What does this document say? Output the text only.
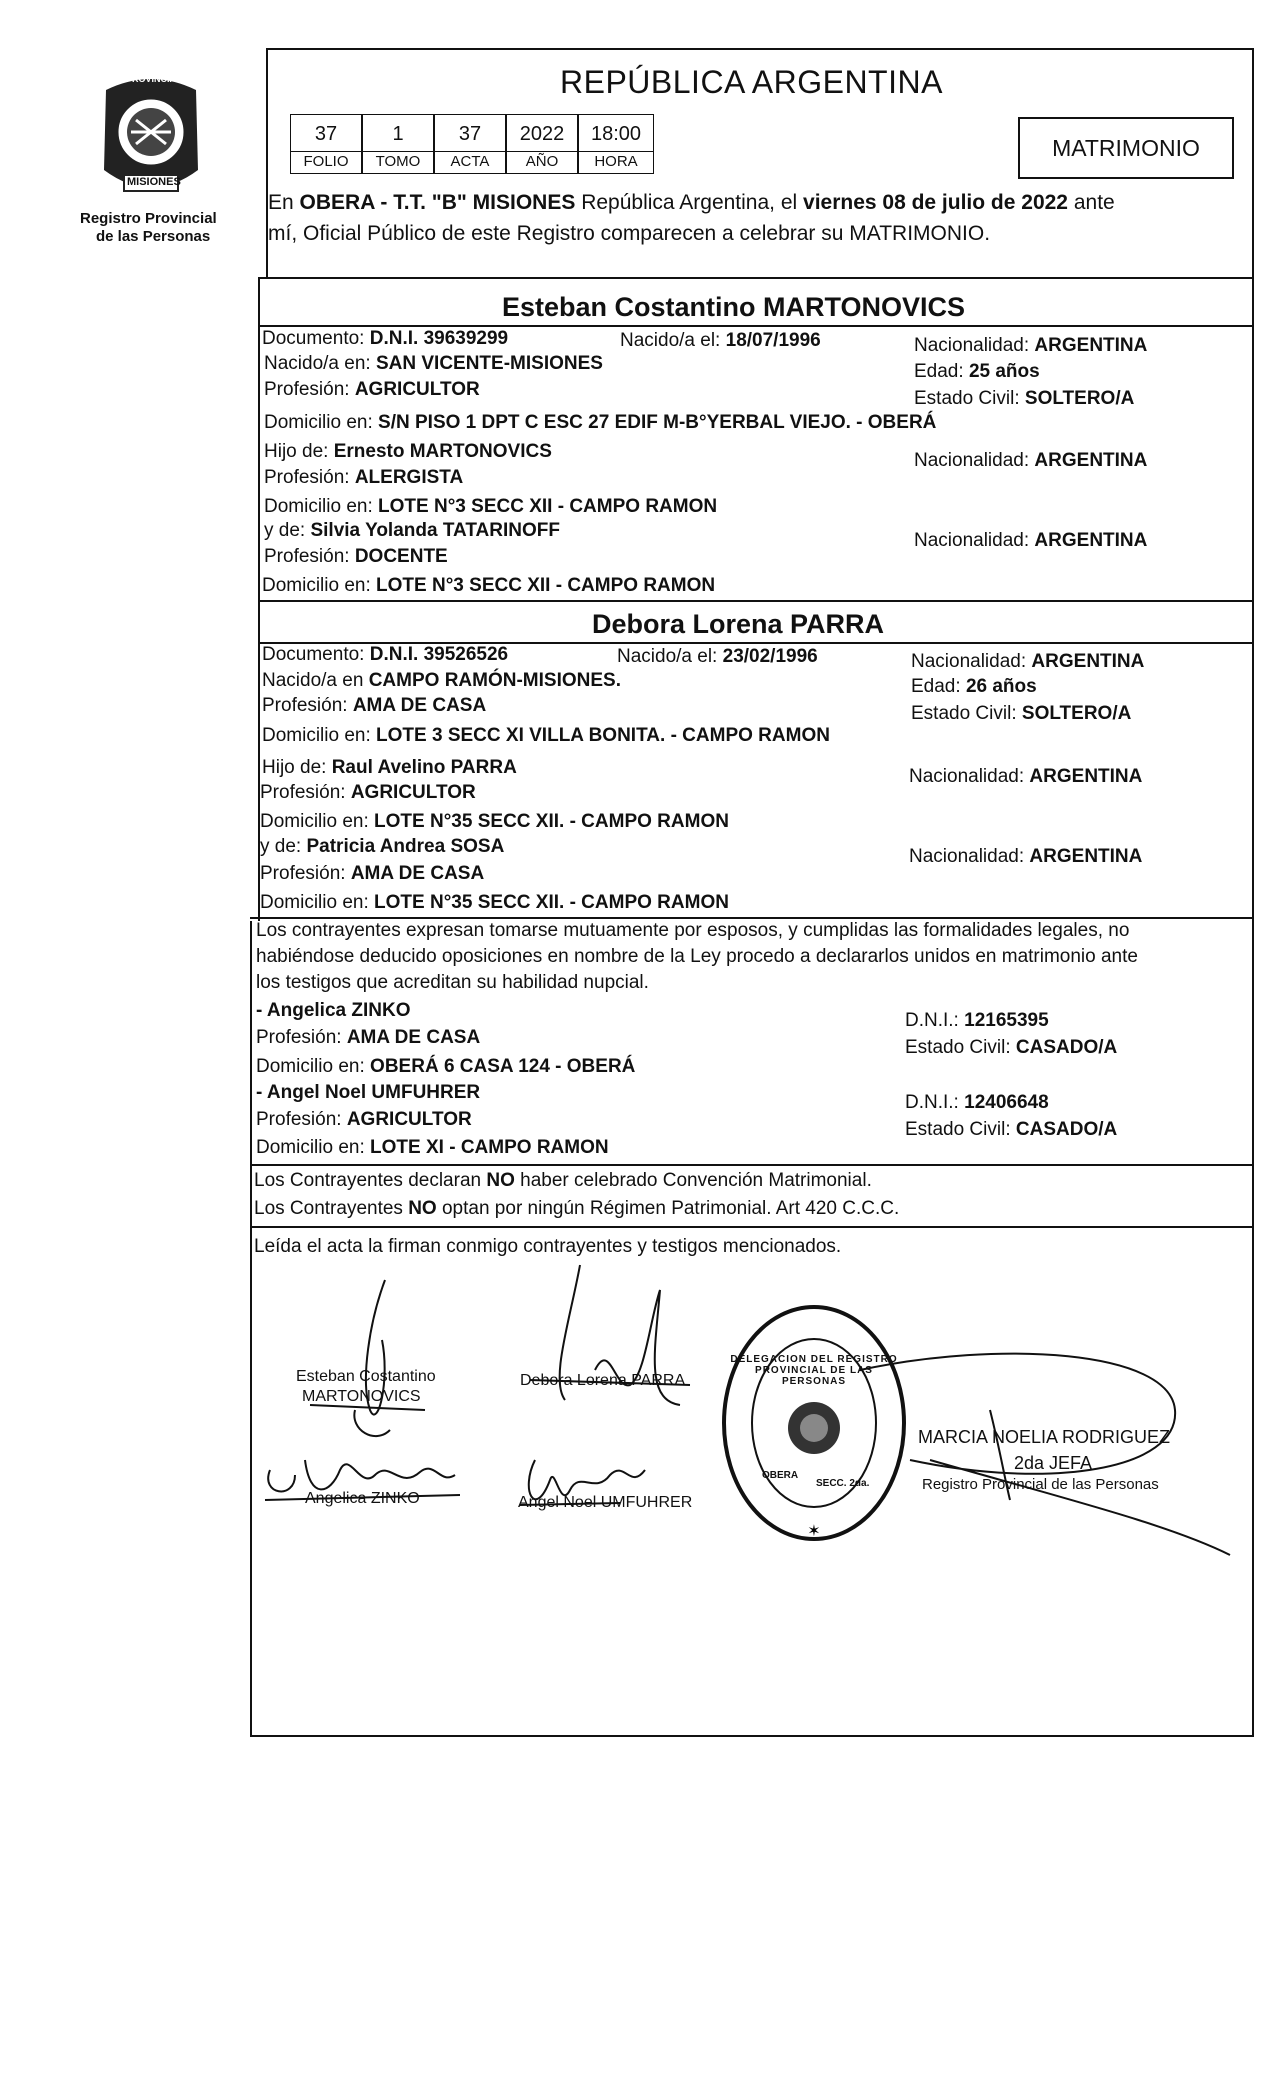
PROVINCIA DE
MISIONES
Registro Provincial
de las Personas
REPÚBLICA ARGENTINA
37	1	37	2022	18:00
FOLIO	TOMO	ACTA	AÑO	HORA
MATRIMONIO
En OBERA - T.T. "B" MISIONES República Argentina, el viernes 08 de julio de 2022 ante
mí, Oficial Público de este Registro comparecen a celebrar su MATRIMONIO.
Esteban Costantino MARTONOVICS
Documento: D.N.I. 39639299	Nacido/a el: 18/07/1996	Nacionalidad: ARGENTINA
Nacido/a en: SAN VICENTE-MISIONES	Edad: 25 años
Profesión: AGRICULTOR	Estado Civil: SOLTERO/A
Domicilio en: S/N PISO 1 DPT C ESC 27 EDIF M-B°YERBAL VIEJO. - OBERÁ
Hijo de: Ernesto MARTONOVICS	Nacionalidad: ARGENTINA
Profesión: ALERGISTA
Domicilio en: LOTE N°3 SECC XII - CAMPO RAMON
y de: Silvia Yolanda TATARINOFF	Nacionalidad: ARGENTINA
Profesión: DOCENTE
Domicilio en: LOTE N°3 SECC XII - CAMPO RAMON
Debora Lorena PARRA
Documento: D.N.I. 39526526	Nacido/a el: 23/02/1996	Nacionalidad: ARGENTINA
Nacido/a en CAMPO RAMÓN-MISIONES.	Edad: 26 años
Profesión: AMA DE CASA	Estado Civil: SOLTERO/A
Domicilio en: LOTE 3 SECC XI VILLA BONITA. - CAMPO RAMON
Hijo de: Raul Avelino PARRA	Nacionalidad: ARGENTINA
Profesión: AGRICULTOR
Domicilio en: LOTE N°35 SECC XII. - CAMPO RAMON
y de: Patricia Andrea SOSA	Nacionalidad: ARGENTINA
Profesión: AMA DE CASA
Domicilio en: LOTE N°35 SECC XII. - CAMPO RAMON
Los contrayentes expresan tomarse mutuamente por esposos, y cumplidas las formalidades legales, no
habiéndose deducido oposiciones en nombre de la Ley procedo a declararlos unidos en matrimonio ante
los testigos que acreditan su habilidad nupcial.
- Angelica ZINKO
Profesión: AMA DE CASA
Domicilio en: OBERÁ 6 CASA 124 - OBERÁ
D.N.I.: 12165395
Estado Civil: CASADO/A
- Angel Noel UMFUHRER
Profesión: AGRICULTOR
Domicilio en: LOTE XI - CAMPO RAMON
D.N.I.: 12406648
Estado Civil: CASADO/A
Los Contrayentes declaran NO haber celebrado Convención Matrimonial.
Los Contrayentes NO optan por ningún Régimen Patrimonial. Art 420 C.C.C.
Leída el acta la firman conmigo contrayentes y testigos mencionados.
Esteban Costantino
MARTONOVICS
Debora Lorena PARRA
Angelica ZINKO	Angel Noel UMFUHRER
✶
DELEGACION DEL REGISTRO PROVINCIAL DE LAS PERSONAS
OBERA
SECC. 2da.
MARCIA NOELIA RODRIGUEZ
2da JEFA
Registro Provincial de las Personas
